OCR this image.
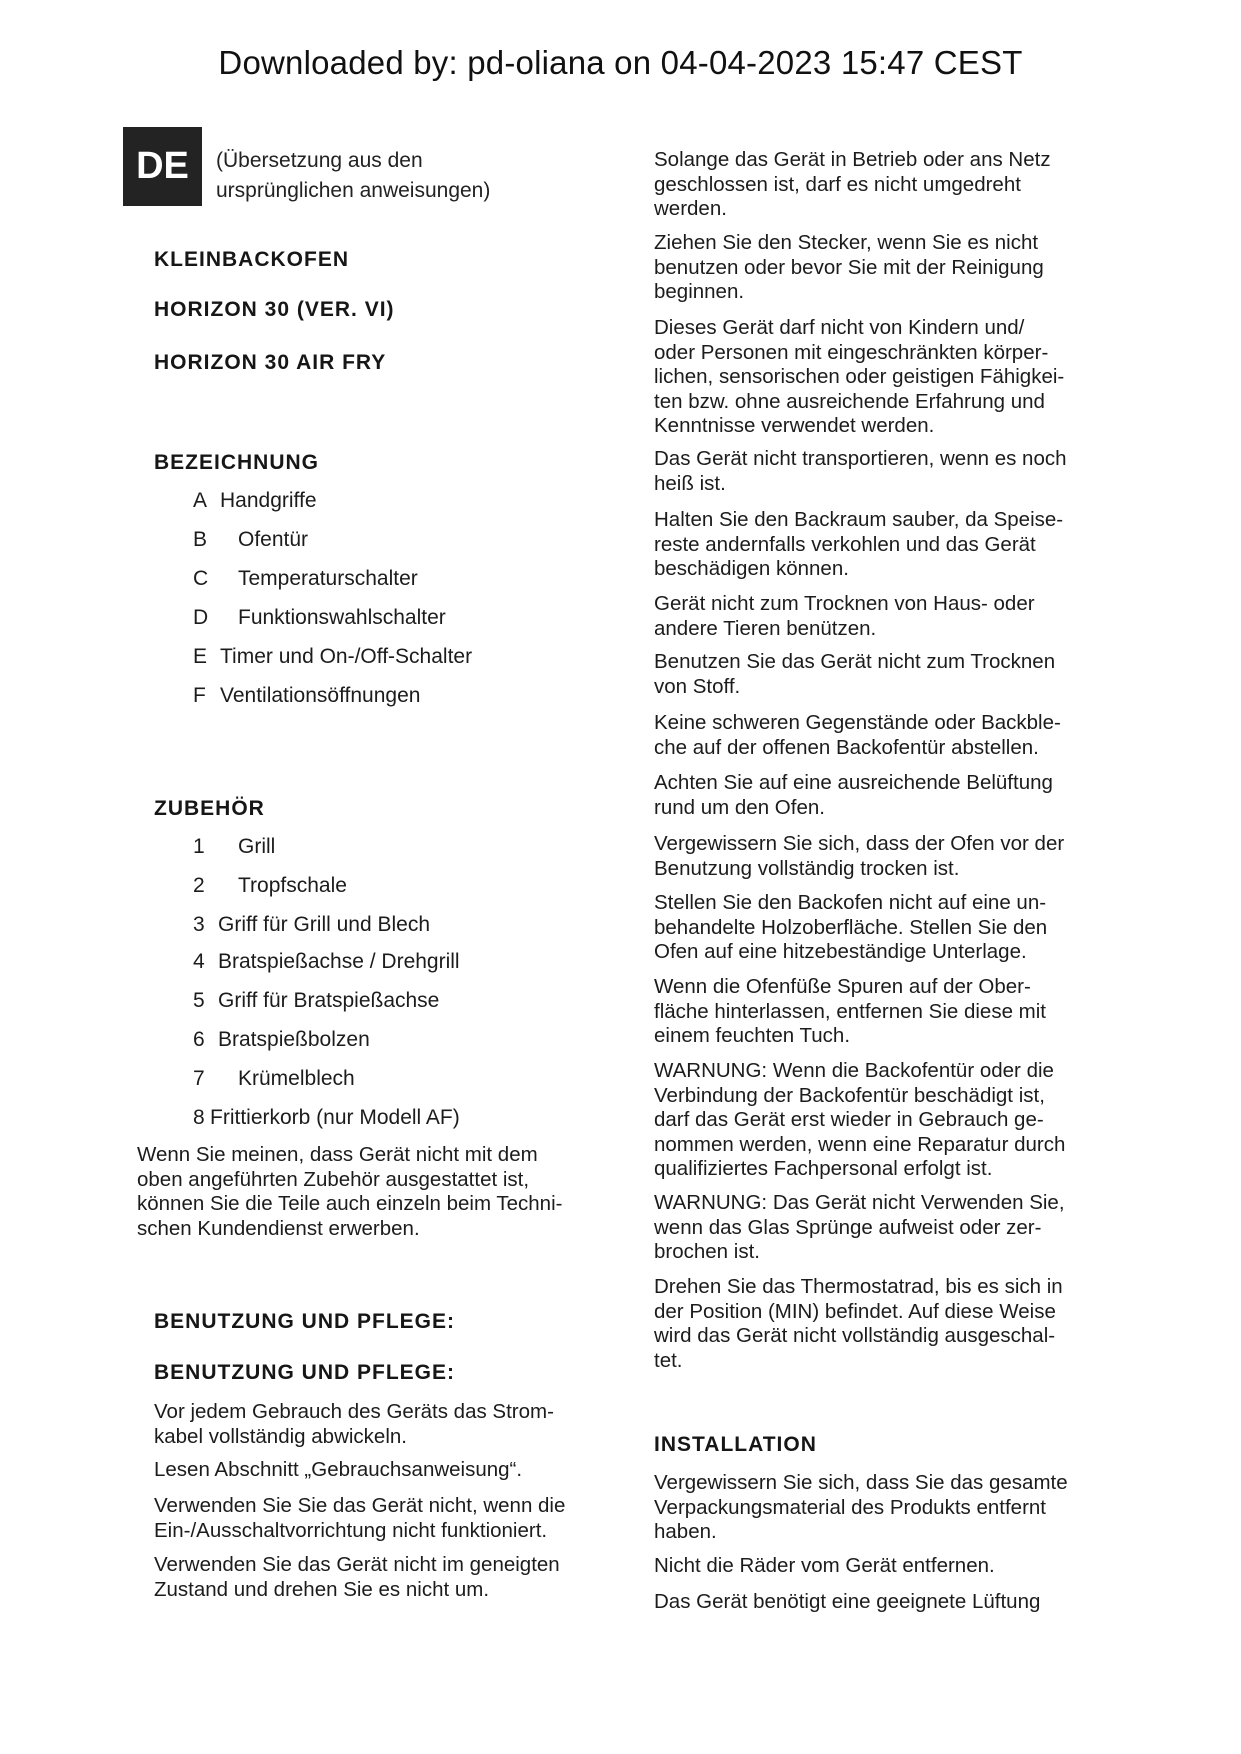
Downloaded by: pd-oliana on 04-04-2023 15:47 CEST
DE	(Übersetzung aus den
ursprünglichen anweisungen)
KLEINBACKOFEN
HORIZON 30 (VER. VI)
HORIZON 30 AIR FRY
BEZEICHNUNG
A Handgriffe
B Ofentür
C Temperaturschalter
D Funktionswahlschalter
E Timer und On-/Off-Schalter
F Ventilationsöffnungen
ZUBEHÖR
1 Grill
2 Tropfschale
3 Griff für Grill und Blech
4 Bratspießachse / Drehgrill
5 Griff für Bratspießachse
6 Bratspießbolzen
7 Krümelblech
8 Frittierkorb (nur Modell AF)

Wenn Sie meinen, dass Gerät nicht mit dem
oben angeführten Zubehör ausgestattet ist,
können Sie die Teile auch einzeln beim Techni-
schen Kundendienst erwerben.

BENUTZUNG UND PFLEGE:
BENUTZUNG UND PFLEGE:

Vor jedem Gebrauch des Geräts das Strom-
kabel vollständig abwickeln.

Lesen Abschnitt „Gebrauchsanweisung“.

Verwenden Sie Sie das Gerät nicht, wenn die
Ein-/Ausschaltvorrichtung nicht funktioniert.

Verwenden Sie das Gerät nicht im geneigten
Zustand und drehen Sie es nicht um.

Solange das Gerät in Betrieb oder ans Netz
geschlossen ist, darf es nicht umgedreht
werden.

Ziehen Sie den Stecker, wenn Sie es nicht
benutzen oder bevor Sie mit der Reinigung
beginnen.

Dieses Gerät darf nicht von Kindern und/
oder Personen mit eingeschränkten körper-
lichen, sensorischen oder geistigen Fähigkei-
ten bzw. ohne ausreichende Erfahrung und
Kenntnisse verwendet werden.

Das Gerät nicht transportieren, wenn es noch
heiß ist.

Halten Sie den Backraum sauber, da Speise-
reste andernfalls verkohlen und das Gerät
beschädigen können.

Gerät nicht zum Trocknen von Haus- oder
andere Tieren benützen.

Benutzen Sie das Gerät nicht zum Trocknen
von Stoff.

Keine schweren Gegenstände oder Backble-
che auf der offenen Backofentür abstellen.

Achten Sie auf eine ausreichende Belüftung
rund um den Ofen.

Vergewissern Sie sich, dass der Ofen vor der
Benutzung vollständig trocken ist.

Stellen Sie den Backofen nicht auf eine un-
behandelte Holzoberfläche. Stellen Sie den
Ofen auf eine hitzebeständige Unterlage.

Wenn die Ofenfüße Spuren auf der Ober-
fläche hinterlassen, entfernen Sie diese mit
einem feuchten Tuch.

WARNUNG: Wenn die Backofentür oder die
Verbindung der Backofentür beschädigt ist,
darf das Gerät erst wieder in Gebrauch ge-
nommen werden, wenn eine Reparatur durch
qualifiziertes Fachpersonal erfolgt ist.

WARNUNG: Das Gerät nicht Verwenden Sie,
wenn das Glas Sprünge aufweist oder zer-
brochen ist.

Drehen Sie das Thermostatrad, bis es sich in
der Position (MIN) befindet. Auf diese Weise
wird das Gerät nicht vollständig ausgeschal-
tet.

INSTALLATION

Vergewissern Sie sich, dass Sie das gesamte
Verpackungsmaterial des Produkts entfernt
haben.

Nicht die Räder vom Gerät entfernen.

Das Gerät benötigt eine geeignete Lüftung
